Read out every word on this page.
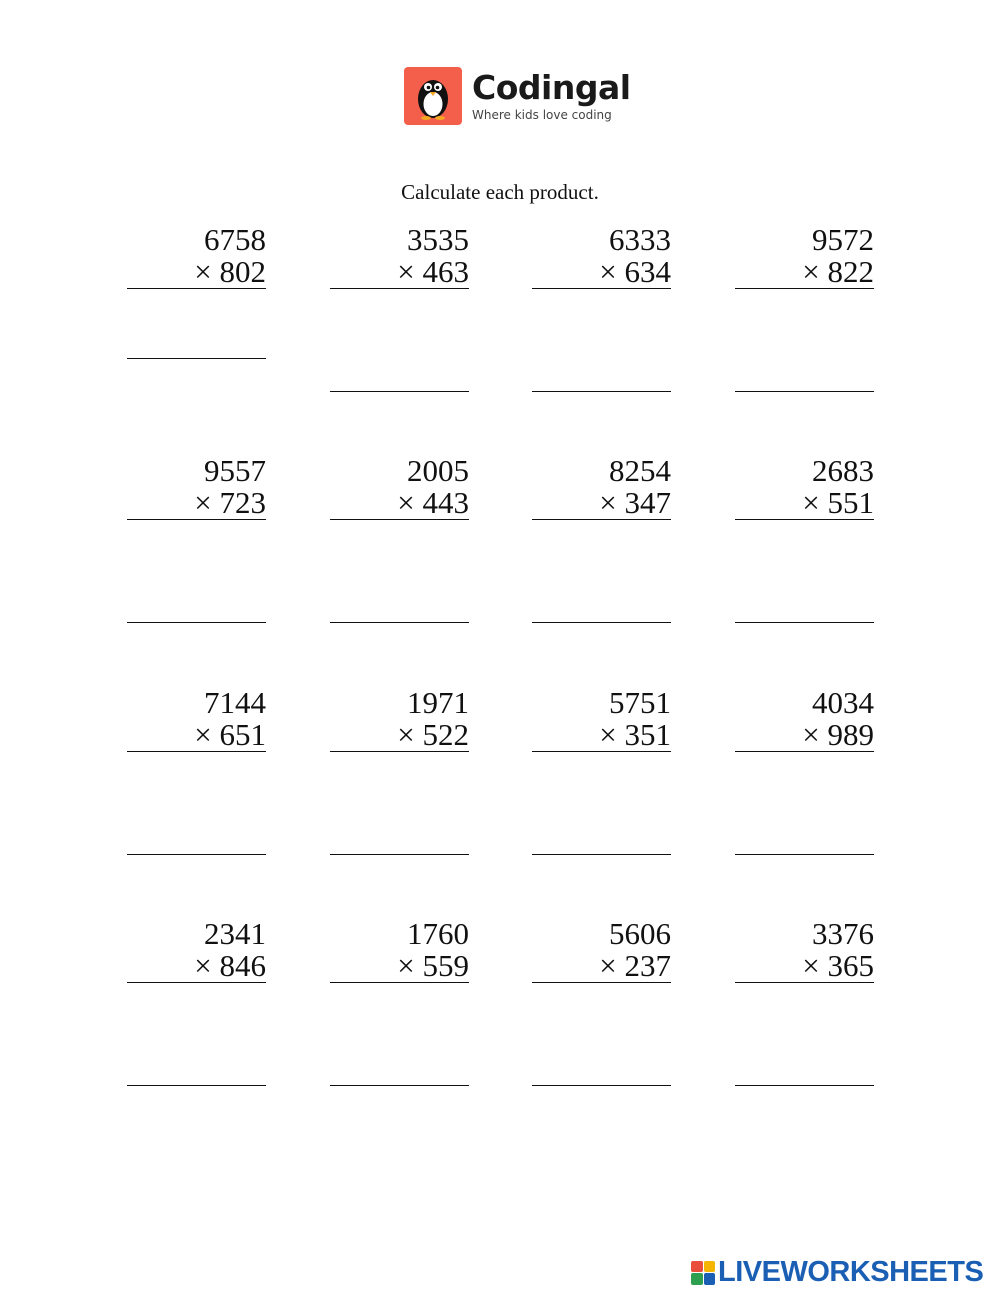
Codingal
Where kids love coding
Calculate each product.
6758
× 802
3535
× 463
6333
× 634
9572
× 822
9557
× 723
2005
× 443
8254
× 347
2683
× 551
7144
× 651
1971
× 522
5751
× 351
4034
× 989
2341
× 846
1760
× 559
5606
× 237
3376
× 365
LIVEWORKSHEETS
